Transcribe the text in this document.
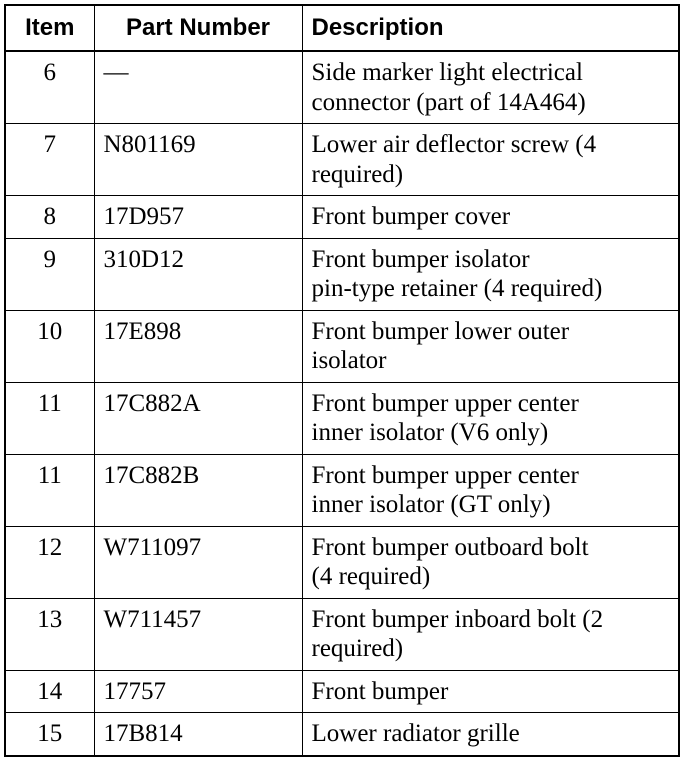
Item	Part Number	Description
6	—	Side marker light electrical
connector (part of 14A464)
7	N801169	Lower air deflector screw (4
required)
8	17D957	Front bumper cover
9	310D12	Front bumper isolator
pin-type retainer (4 required)
10	17E898	Front bumper lower outer
isolator
11	17C882A	Front bumper upper center
inner isolator (V6 only)
11	17C882B	Front bumper upper center
inner isolator (GT only)
12	W711097	Front bumper outboard bolt
(4 required)
13	W711457	Front bumper inboard bolt (2
required)
14	17757	Front bumper
15	17B814	Lower radiator grille
